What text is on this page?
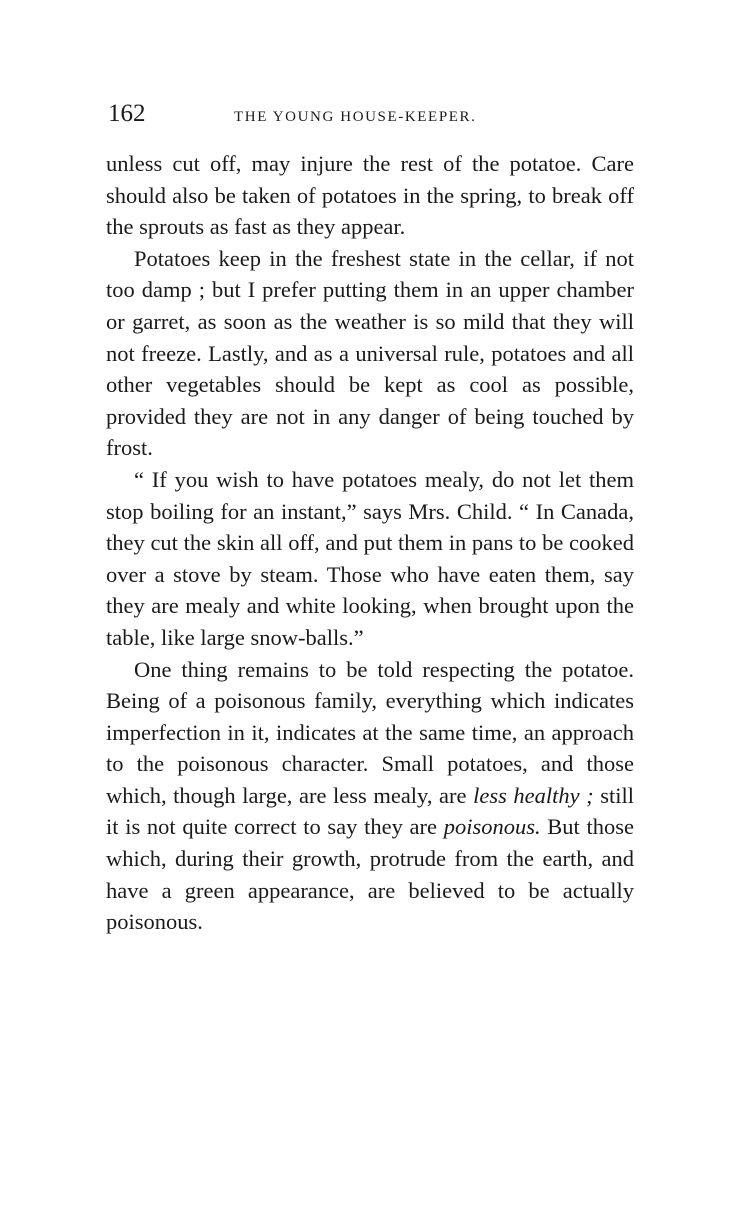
162	THE YOUNG HOUSE-KEEPER.

unless cut off, may injure the rest of the potatoe. Care should also be taken of potatoes in the spring, to break off the sprouts as fast as they appear.

Potatoes keep in the freshest state in the cellar, if not too damp ; but I prefer putting them in an upper chamber or garret, as soon as the weather is so mild that they will not freeze. Lastly, and as a universal rule, potatoes and all other vegetables should be kept as cool as possible, provided they are not in any danger of being touched by frost.

“ If you wish to have potatoes mealy, do not let them stop boiling for an instant,” says Mrs. Child. “ In Canada, they cut the skin all off, and put them in pans to be cooked over a stove by steam. Those who have eaten them, say they are mealy and white looking, when brought upon the table, like large snow-balls.”

One thing remains to be told respecting the potatoe. Being of a poisonous family, everything which indicates imperfection in it, indicates at the same time, an approach to the poisonous character. Small potatoes, and those which, though large, are less mealy, are less healthy ; still it is not quite correct to say they are poisonous. But those which, during their growth, protrude from the earth, and have a green appearance, are believed to be actually poisonous.
